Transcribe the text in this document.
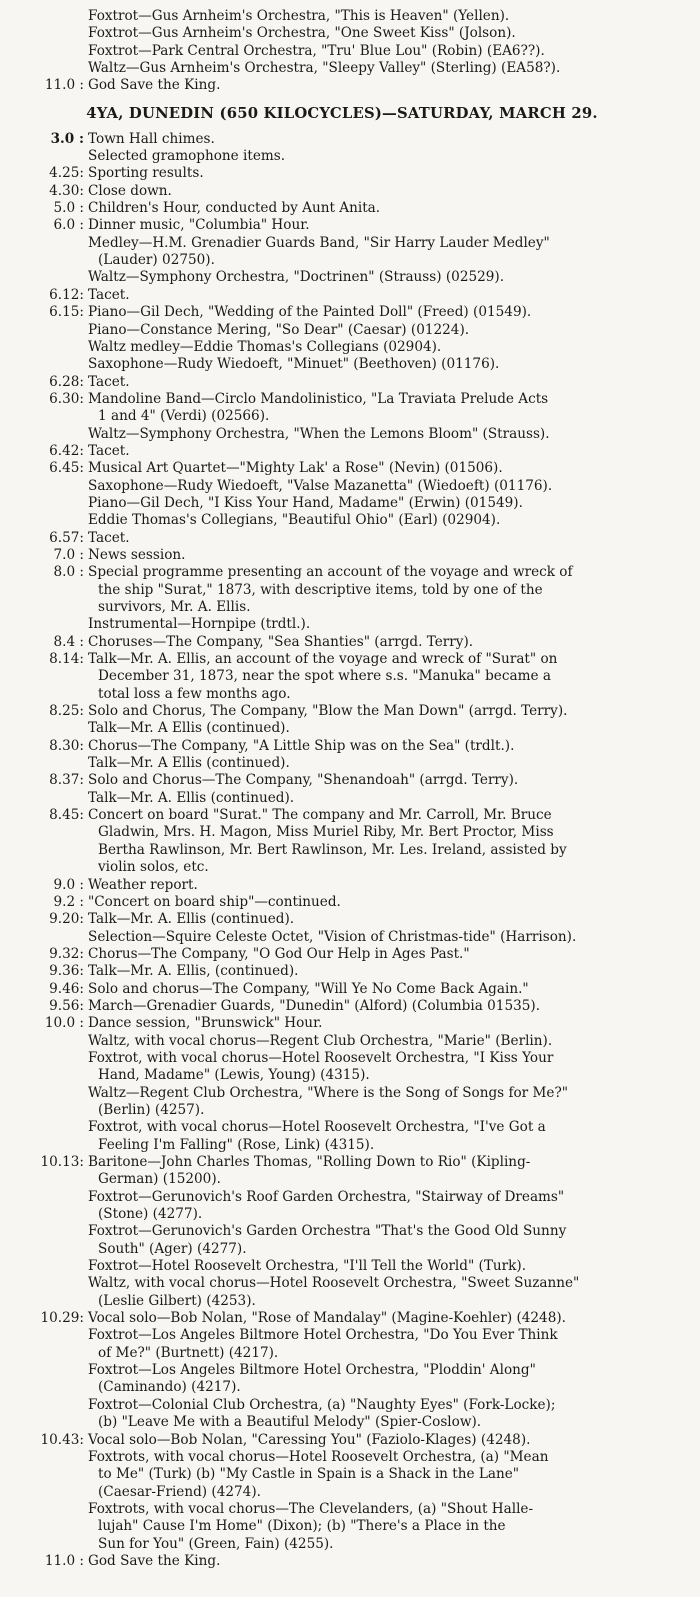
Foxtrot—Gus Arnheim's Orchestra, "This is Heaven" (Yellen).
Foxtrot—Gus Arnheim's Orchestra, "One Sweet Kiss" (Jolson).
Foxtrot—Park Central Orchestra, "Tru' Blue Lou" (Robin) (EA6??).
Waltz—Gus Arnheim's Orchestra, "Sleepy Valley" (Sterling) (EA58?).
11.0 : God Save the King.
4YA, DUNEDIN (650 KILOCYCLES)—SATURDAY, MARCH 29.
3.0 : Town Hall chimes.
Selected gramophone items.
4.25: Sporting results.
4.30: Close down.
5.0 : Children's Hour, conducted by Aunt Anita.
6.0 : Dinner music, "Columbia" Hour.
Medley—H.M. Grenadier Guards Band, "Sir Harry Lauder Medley"
(Lauder) 02750).
Waltz—Symphony Orchestra, "Doctrinen" (Strauss) (02529).
6.12: Tacet.
6.15: Piano—Gil Dech, "Wedding of the Painted Doll" (Freed) (01549).
Piano—Constance Mering, "So Dear" (Caesar) (01224).
Waltz medley—Eddie Thomas's Collegians (02904).
Saxophone—Rudy Wiedoeft, "Minuet" (Beethoven) (01176).
6.28: Tacet.
6.30: Mandoline Band—Circlo Mandolinistico, "La Traviata Prelude Acts
1 and 4" (Verdi) (02566).
Waltz—Symphony Orchestra, "When the Lemons Bloom" (Strauss).
6.42: Tacet.
6.45: Musical Art Quartet—"Mighty Lak' a Rose" (Nevin) (01506).
Saxophone—Rudy Wiedoeft, "Valse Mazanetta" (Wiedoeft) (01176).
Piano—Gil Dech, "I Kiss Your Hand, Madame" (Erwin) (01549).
Eddie Thomas's Collegians, "Beautiful Ohio" (Earl) (02904).
6.57: Tacet.
7.0 : News session.
8.0 : Special programme presenting an account of the voyage and wreck of
the ship "Surat," 1873, with descriptive items, told by one of the
survivors, Mr. A. Ellis.
Instrumental—Hornpipe (trdtl.).
8.4 : Choruses—The Company, "Sea Shanties" (arrgd. Terry).
8.14: Talk—Mr. A. Ellis, an account of the voyage and wreck of "Surat" on
December 31, 1873, near the spot where s.s. "Manuka" became a
total loss a few months ago.
8.25: Solo and Chorus, The Company, "Blow the Man Down" (arrgd. Terry).
Talk—Mr. A Ellis (continued).
8.30: Chorus—The Company, "A Little Ship was on the Sea" (trdlt.).
Talk—Mr. A Ellis (continued).
8.37: Solo and Chorus—The Company, "Shenandoah" (arrgd. Terry).
Talk—Mr. A. Ellis (continued).
8.45: Concert on board "Surat." The company and Mr. Carroll, Mr. Bruce
Gladwin, Mrs. H. Magon, Miss Muriel Riby, Mr. Bert Proctor, Miss
Bertha Rawlinson, Mr. Bert Rawlinson, Mr. Les. Ireland, assisted by
violin solos, etc.
9.0 : Weather report.
9.2 : "Concert on board ship"—continued.
9.20: Talk—Mr. A. Ellis (continued).
Selection—Squire Celeste Octet, "Vision of Christmas-tide" (Harrison).
9.32: Chorus—The Company, "O God Our Help in Ages Past."
9.36: Talk—Mr. A. Ellis, (continued).
9.46: Solo and chorus—The Company, "Will Ye No Come Back Again."
9.56: March—Grenadier Guards, "Dunedin" (Alford) (Columbia 01535).
10.0 : Dance session, "Brunswick" Hour.
Waltz, with vocal chorus—Regent Club Orchestra, "Marie" (Berlin).
Foxtrot, with vocal chorus—Hotel Roosevelt Orchestra, "I Kiss Your
Hand, Madame" (Lewis, Young) (4315).
Waltz—Regent Club Orchestra, "Where is the Song of Songs for Me?"
(Berlin) (4257).
Foxtrot, with vocal chorus—Hotel Roosevelt Orchestra, "I've Got a
Feeling I'm Falling" (Rose, Link) (4315).
10.13: Baritone—John Charles Thomas, "Rolling Down to Rio" (Kipling-
German) (15200).
Foxtrot—Gerunovich's Roof Garden Orchestra, "Stairway of Dreams"
(Stone) (4277).
Foxtrot—Gerunovich's Garden Orchestra "That's the Good Old Sunny
South" (Ager) (4277).
Foxtrot—Hotel Roosevelt Orchestra, "I'll Tell the World" (Turk).
Waltz, with vocal chorus—Hotel Roosevelt Orchestra, "Sweet Suzanne"
(Leslie Gilbert) (4253).
10.29: Vocal solo—Bob Nolan, "Rose of Mandalay" (Magine-Koehler) (4248).
Foxtrot—Los Angeles Biltmore Hotel Orchestra, "Do You Ever Think
of Me?" (Burtnett) (4217).
Foxtrot—Los Angeles Biltmore Hotel Orchestra, "Ploddin' Along"
(Caminando) (4217).
Foxtrot—Colonial Club Orchestra, (a) "Naughty Eyes" (Fork-Locke);
(b) "Leave Me with a Beautiful Melody" (Spier-Coslow).
10.43: Vocal solo—Bob Nolan, "Caressing You" (Faziolo-Klages) (4248).
Foxtrots, with vocal chorus—Hotel Roosevelt Orchestra, (a) "Mean
to Me" (Turk) (b) "My Castle in Spain is a Shack in the Lane"
(Caesar-Friend) (4274).
Foxtrots, with vocal chorus—The Clevelanders, (a) "Shout Halle-
lujah" Cause I'm Home" (Dixon); (b) "There's a Place in the
Sun for You" (Green, Fain) (4255).
11.0 : God Save the King.
